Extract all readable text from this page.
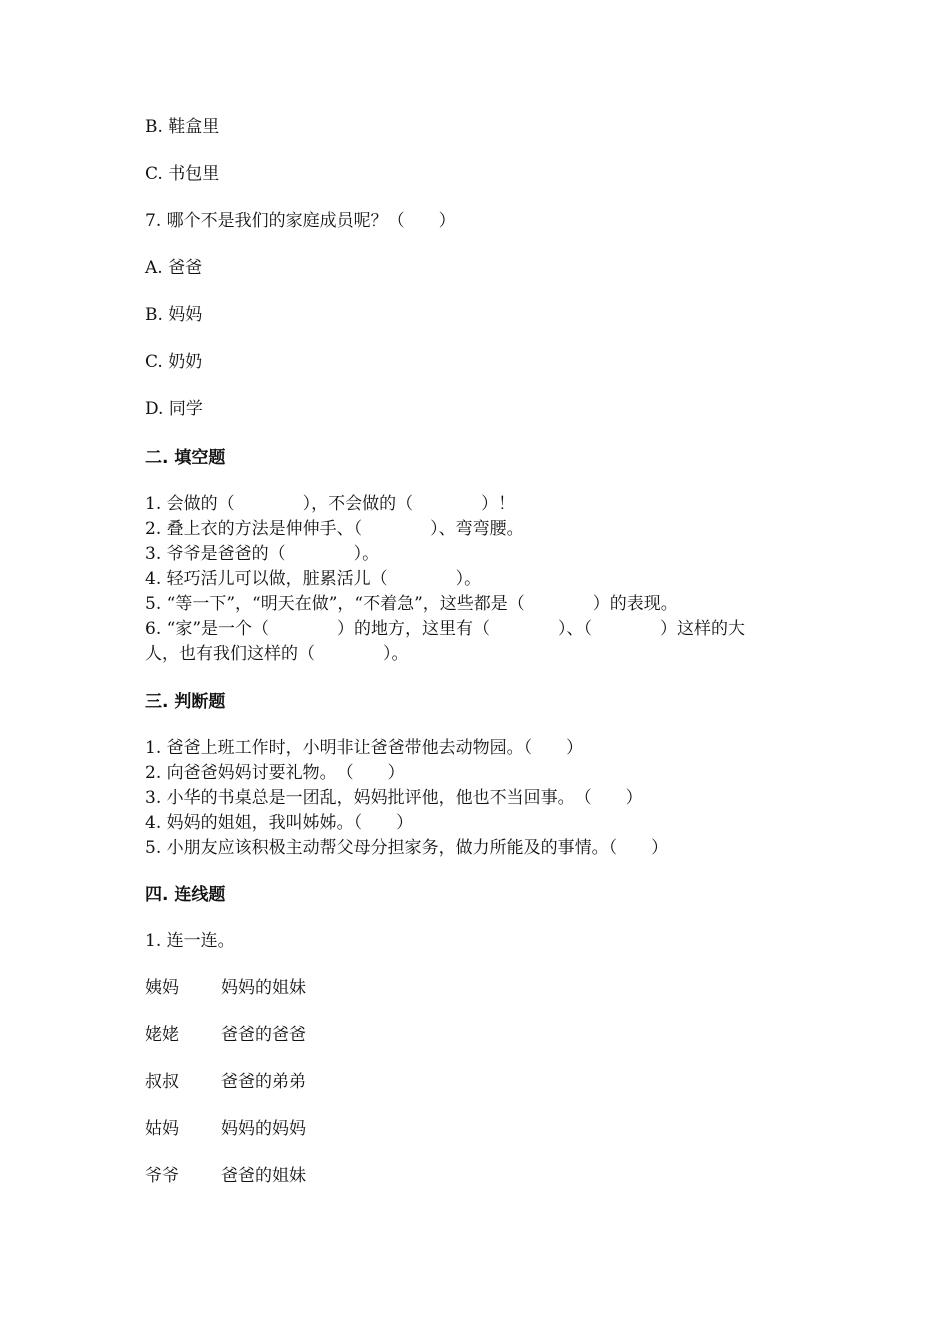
B. 鞋盒里
C. 书包里
7. 哪个不是我们的家庭成员呢？（　　）
A. 爸爸
B. 妈妈
C. 奶奶
D. 同学
二. 填空题
1. 会做的（　　　　），不会做的（　　　　）！
2. 叠上衣的方法是伸伸手、（　　　　）、弯弯腰。
3. 爷爷是爸爸的（　　　　）。
4. 轻巧活儿可以做，脏累活儿（　　　　）。
5. “等一下”，“明天在做”，“不着急”，这些都是（　　　　）的表现。
6. “家”是一个（　　　　）的地方，这里有（　　　　）、（　　　　）这样的大
人，也有我们这样的（　　　　）。
三. 判断题
1. 爸爸上班工作时，小明非让爸爸带他去动物园。（　　）
2. 向爸爸妈妈讨要礼物。　（　　）
3. 小华的书桌总是一团乱，妈妈批评他，他也不当回事。　（　　）
4. 妈妈的姐姐，我叫姊姊。（　　）
5. 小朋友应该积极主动帮父母分担家务，做力所能及的事情。（　　）
四. 连线题
1. 连一连。
姨妈 妈妈的姐妹
姥姥 爸爸的爸爸
叔叔 爸爸的弟弟
姑妈 妈妈的妈妈
爷爷 爸爸的姐妹
